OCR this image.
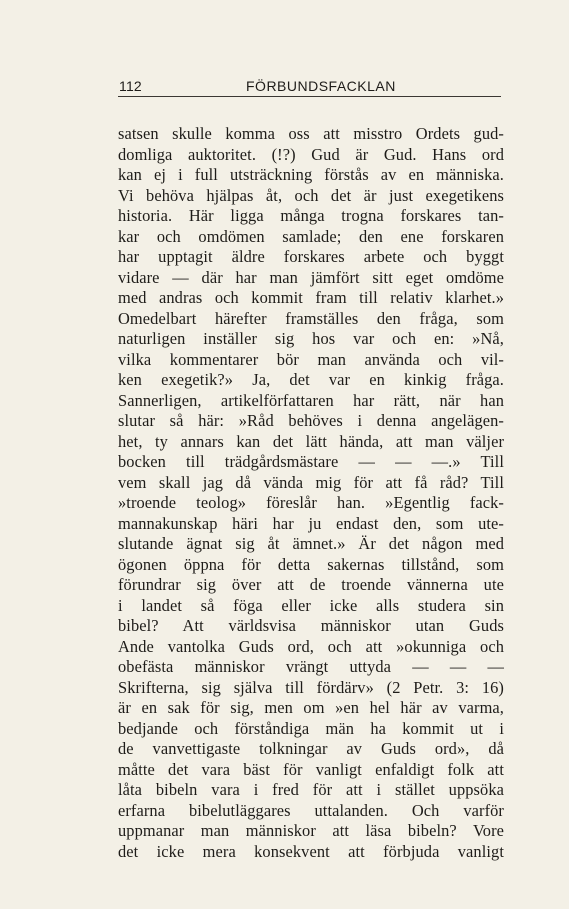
112	FÖRBUNDSFACKLAN
satsen skulle komma oss att misstro Ordets gud-
domliga auktoritet. (!?) Gud är Gud. Hans ord
kan ej i full utsträckning förstås av en människa.
Vi behöva hjälpas åt, och det är just exegetikens
historia. Här ligga många trogna forskares tan-
kar och omdömen samlade; den ene forskaren
har upptagit äldre forskares arbete och byggt
vidare — där har man jämfört sitt eget omdöme
med andras och kommit fram till relativ klarhet.»
Omedelbart härefter framställes den fråga, som
naturligen inställer sig hos var och en: »Nå,
vilka kommentarer bör man använda och vil-
ken exegetik?» Ja, det var en kinkig fråga.
Sannerligen, artikelförfattaren har rätt, när han
slutar så här: »Råd behöves i denna angelägen-
het, ty annars kan det lätt hända, att man väljer
bocken till trädgårdsmästare — — —.» Till
vem skall jag då vända mig för att få råd? Till
»troende teolog» föreslår han. »Egentlig fack-
mannakunskap häri har ju endast den, som ute-
slutande ägnat sig åt ämnet.» Är det någon med
ögonen öppna för detta sakernas tillstånd, som
förundrar sig över att de troende vännerna ute
i landet så föga eller icke alls studera sin
bibel? Att världsvisa människor utan Guds
Ande vantolka Guds ord, och att »okunniga och
obefästa människor vrängt uttyda — — —
Skrifterna, sig själva till fördärv» (2 Petr. 3: 16)
är en sak för sig, men om »en hel här av varma,
bedjande och förståndiga män ha kommit ut i
de vanvettigaste tolkningar av Guds ord», då
måtte det vara bäst för vanligt enfaldigt folk att
låta bibeln vara i fred för att i stället uppsöka
erfarna bibelutläggares uttalanden. Och varför
uppmanar man människor att läsa bibeln? Vore
det icke mera konsekvent att förbjuda vanligt
